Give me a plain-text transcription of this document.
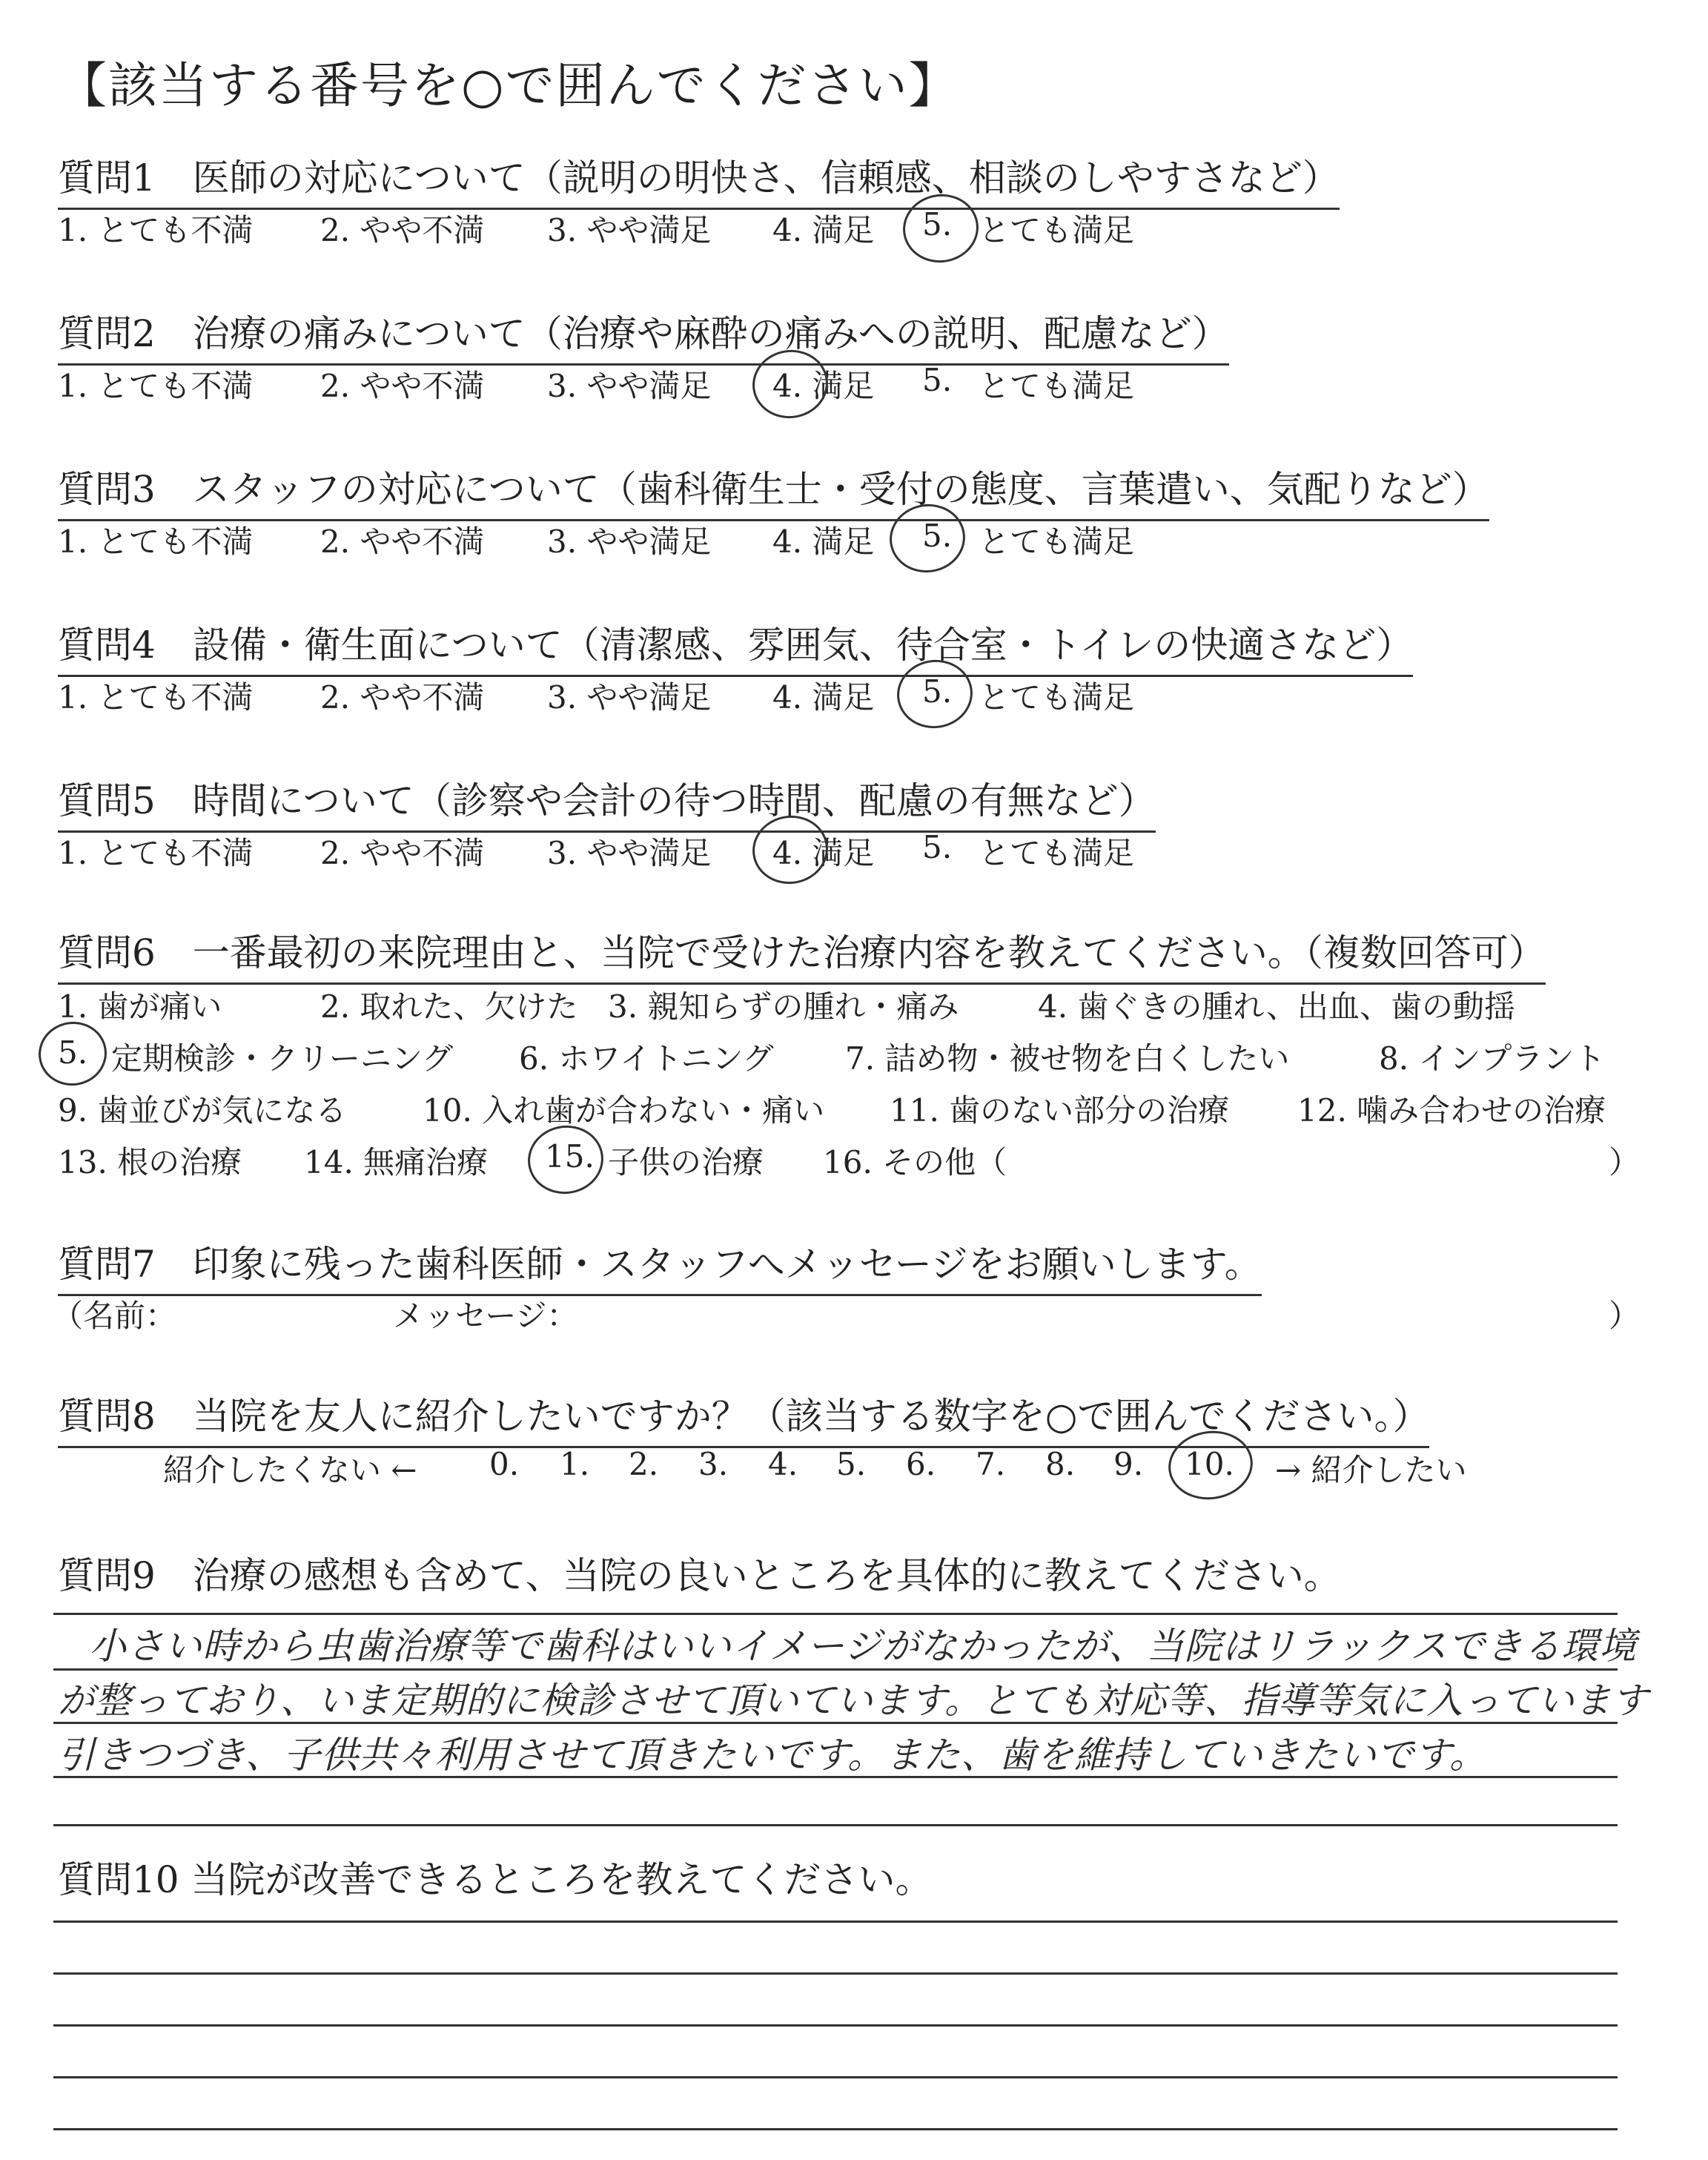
【該当する番号を○で囲んでください】
質問1　医師の対応について（説明の明快さ、信頼感、相談のしやすさなど）
1. とても不満 2. やや不満 3. やや満足 4. 満足 5. とても満足
質問2　治療の痛みについて（治療や麻酔の痛みへの説明、配慮など）
1. とても不満 2. やや不満 3. やや満足 4. 満足 5. とても満足
質問3　スタッフの対応について（歯科衛生士・受付の態度、言葉遣い、気配りなど）
1. とても不満 2. やや不満 3. やや満足 4. 満足 5. とても満足
質問4　設備・衛生面について（清潔感、雰囲気、待合室・トイレの快適さなど）
1. とても不満 2. やや不満 3. やや満足 4. 満足 5. とても満足
質問5　時間について（診察や会計の待つ時間、配慮の有無など）
1. とても不満 2. やや不満 3. やや満足 4. 満足 5. とても満足
質問6　一番最初の来院理由と、当院で受けた治療内容を教えてください。（複数回答可）
1. 歯が痛い	2. 取れた、欠けた 3. 親知らずの腫れ・痛み	4. 歯ぐきの腫れ、出血、歯の動揺
5. 定期検診・クリーニング 6. ホワイトニング 7. 詰め物・被せ物を白くしたい	8. インプラント
9. 歯並びが気になる 10. 入れ歯が合わない・痛い 11. 歯のない部分の治療 12. 噛み合わせの治療
13. 根の治療 14. 無痛治療 15. 子供の治療 16. その他（	）
質問7　印象に残った歯科医師・スタッフへメッセージをお願いします。
（名前：	メッセージ：	）
質問8　当院を友人に紹介したいですか？（該当する数字を○で囲んでください。）
紹介したくない ← 0. 1. 2. 3. 4. 5. 6. 7. 8. 9. 10. → 紹介したい
質問9　治療の感想も含めて、当院の良いところを具体的に教えてください。
小さい時から虫歯治療等で歯科はいいイメージがなかったが、当院はリラックスできる環境
が整っており、いま定期的に検診させて頂いています。とても対応等、指導等気に入っています
引きつづき、子供共々利用させて頂きたいです。また、歯を維持していきたいです。
質問10 当院が改善できるところを教えてください。
